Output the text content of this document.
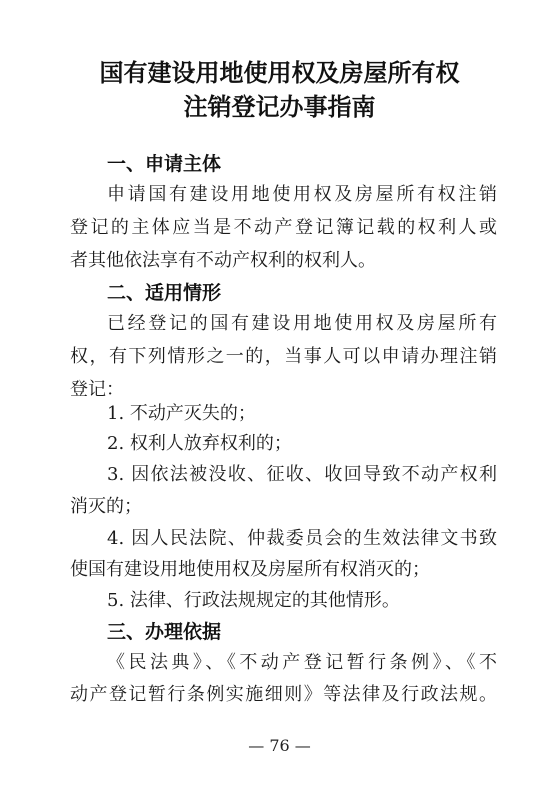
国有建设用地使用权及房屋所有权
注销登记办事指南
一、申请主体
申请国有建设用地使用权及房屋所有权注销
登记的主体应当是不动产登记簿记载的权利人或
者其他依法享有不动产权利的权利人。
二、适用情形
已经登记的国有建设用地使用权及房屋所有
权，有下列情形之一的，当事人可以申请办理注销
登记：
1. 不动产灭失的；
2. 权利人放弃权利的；
3. 因依法被没收、征收、收回导致不动产权利
消灭的；
4. 因人民法院、仲裁委员会的生效法律文书致
使国有建设用地使用权及房屋所有权消灭的；
5. 法律、行政法规规定的其他情形。
三、办理依据
《民法典》、《不动产登记暂行条例》、《不
动产登记暂行条例实施细则》等法律及行政法规。
— 76 —
